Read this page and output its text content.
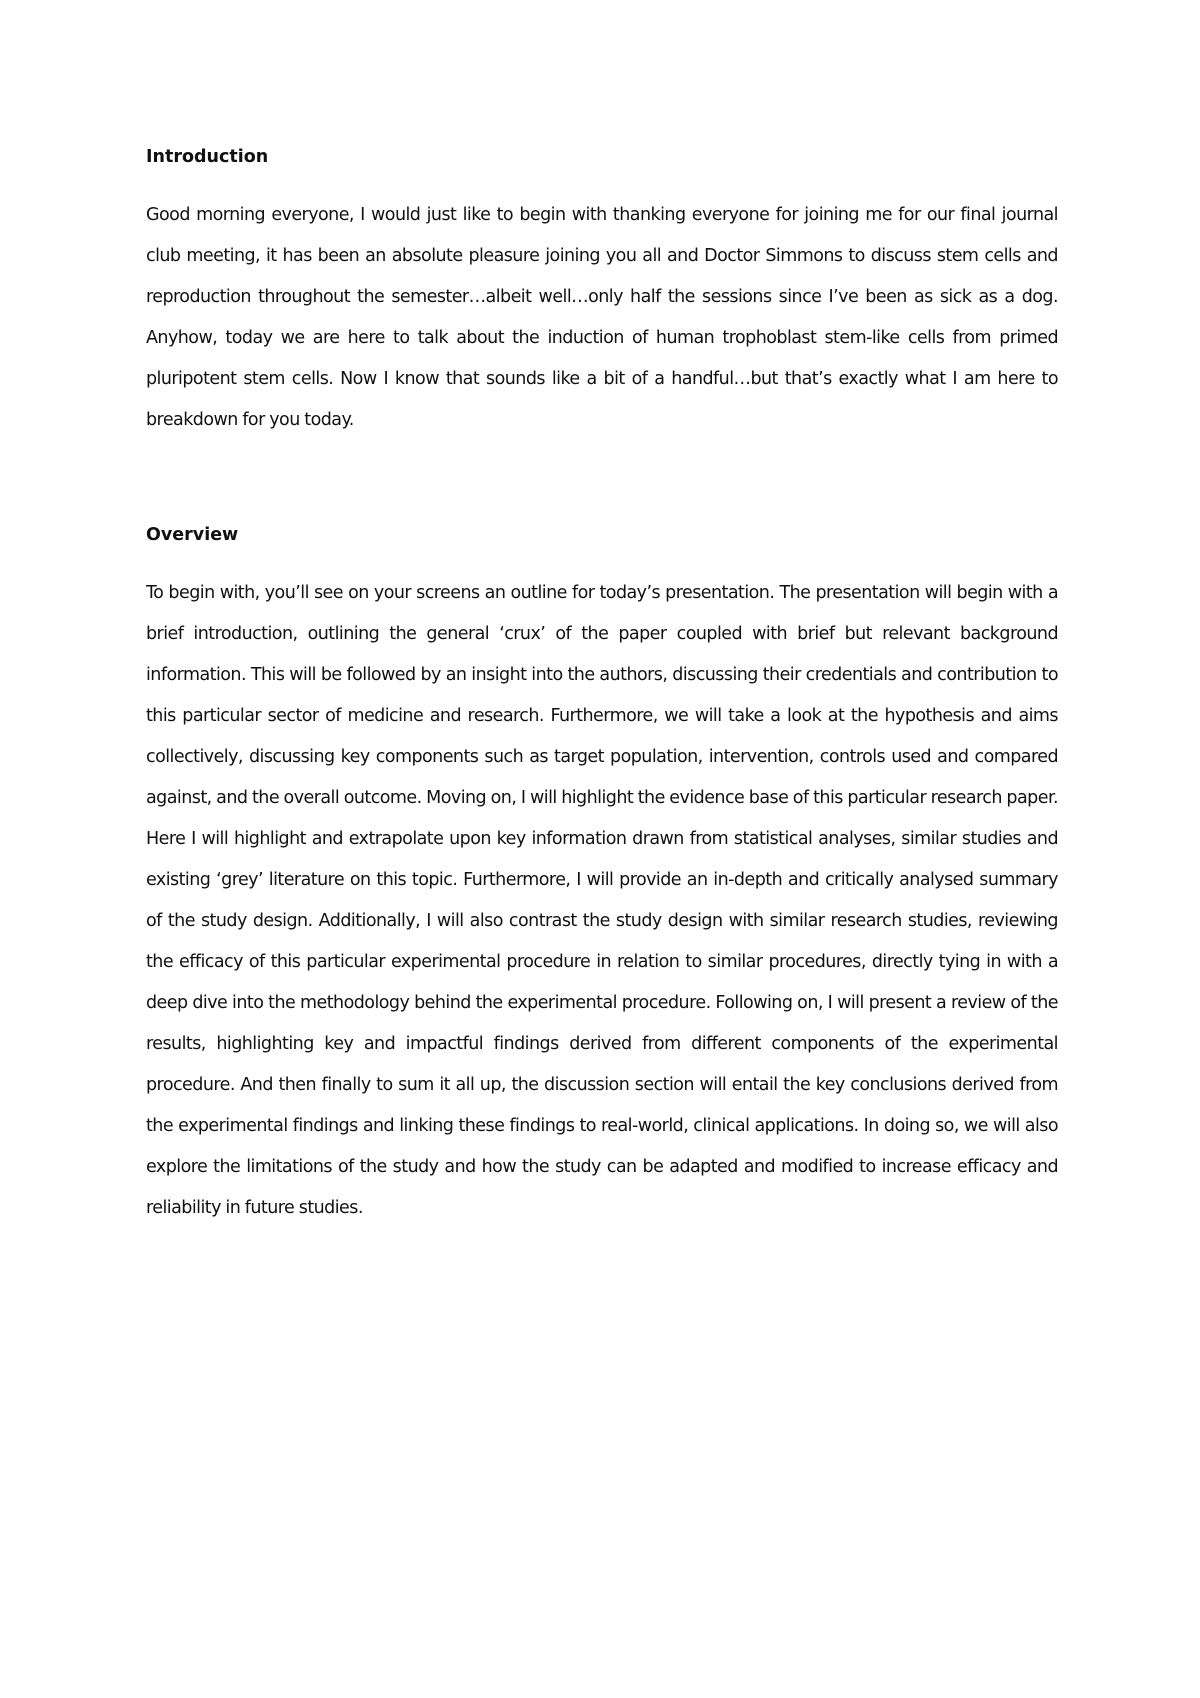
Introduction

Good morning everyone, I would just like to begin with thanking everyone for joining me for our final journal club meeting, it has been an absolute pleasure joining you all and Doctor Simmons to discuss stem cells and reproduction throughout the semester…albeit well…only half the sessions since I’ve been as sick as a dog. Anyhow, today we are here to talk about the induction of human trophoblast stem-like cells from primed pluripotent stem cells. Now I know that sounds like a bit of a handful…but that’s exactly what I am here to breakdown for you today.

Overview

To begin with, you’ll see on your screens an outline for today’s presentation. The presentation will begin with a brief introduction, outlining the general ‘crux’ of the paper coupled with brief but relevant background information. This will be followed by an insight into the authors, discussing their credentials and contribution to this particular sector of medicine and research. Furthermore, we will take a look at the hypothesis and aims collectively, discussing key components such as target population, intervention, controls used and compared against, and the overall outcome. Moving on, I will highlight the evidence base of this particular research paper. Here I will highlight and extrapolate upon key information drawn from statistical analyses, similar studies and existing ‘grey’ literature on this topic. Furthermore, I will provide an in-depth and critically analysed summary of the study design. Additionally, I will also contrast the study design with similar research studies, reviewing the efficacy of this particular experimental procedure in relation to similar procedures, directly tying in with a deep dive into the methodology behind the experimental procedure. Following on, I will present a review of the results, highlighting key and impactful findings derived from different components of the experimental procedure. And then finally to sum it all up, the discussion section will entail the key conclusions derived from the experimental findings and linking these findings to real-world, clinical applications. In doing so, we will also explore the limitations of the study and how the study can be adapted and modified to increase efficacy and reliability in future studies.
